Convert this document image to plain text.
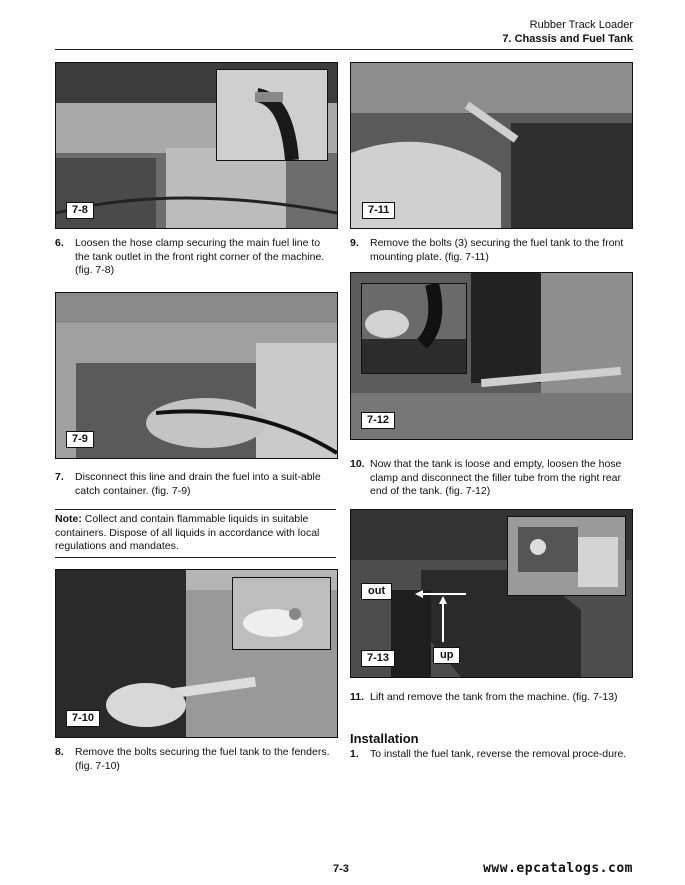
Rubber Track Loader
7. Chassis and Fuel Tank
7-8
6. Loosen the hose clamp securing the main fuel line to the tank outlet in the front right corner of the machine. (fig. 7-8)
7-9
7. Disconnect this line and drain the fuel into a suit-able catch container. (fig. 7-9)
Note: Collect and contain flammable liquids in suitable containers. Dispose of all liquids in accordance with local regulations and mandates.
7-10
8. Remove the bolts securing the fuel tank to the fenders. (fig. 7-10)
7-11
9. Remove the bolts (3) securing the fuel tank to the front mounting plate. (fig. 7-11)
7-12
10. Now that the tank is loose and empty, loosen the hose clamp and disconnect the filler tube from the right rear end of the tank. (fig. 7-12)
out
up
7-13
11. Lift and remove the tank from the machine. (fig. 7-13)
Installation
1. To install the fuel tank, reverse the removal proce-dure.
7-3	www.epcatalogs.com
